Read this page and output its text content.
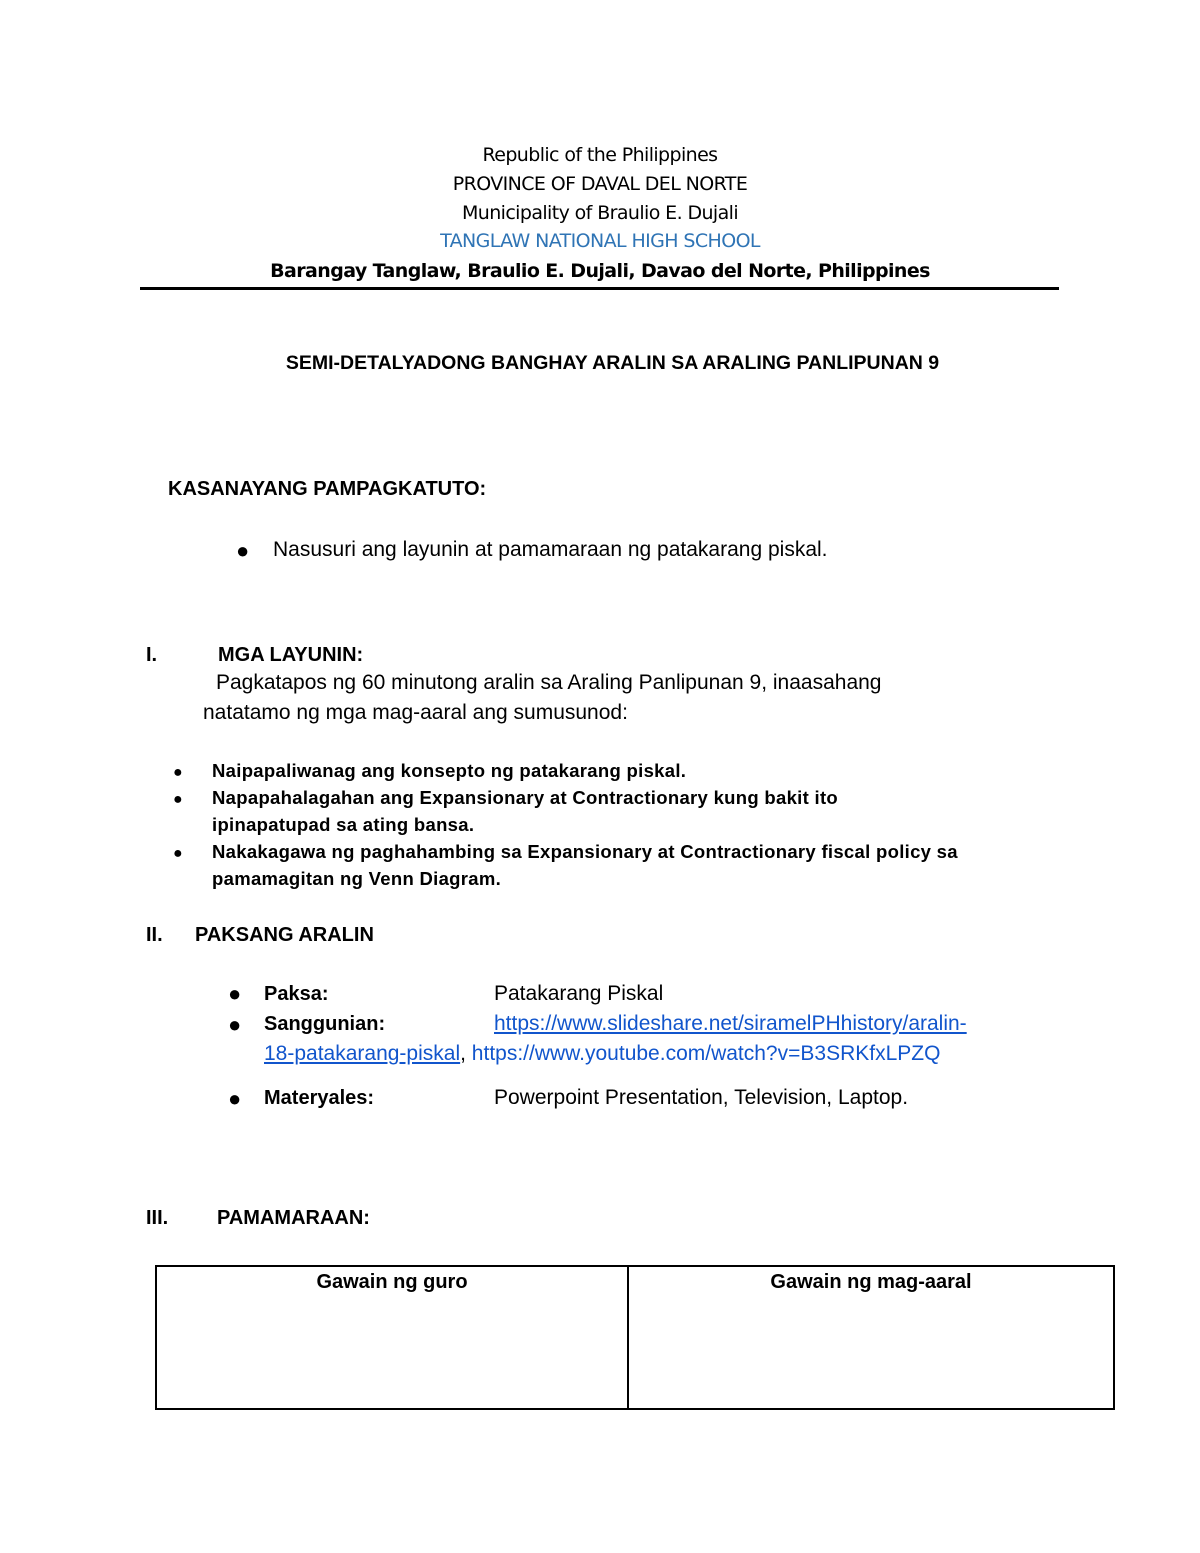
Republic of the Philippines
PROVINCE OF DAVAL DEL NORTE
Municipality of Braulio E. Dujali
TANGLAW NATIONAL HIGH SCHOOL
Barangay Tanglaw, Braulio E. Dujali, Davao del Norte, Philippines
SEMI-DETALYADONG BANGHAY ARALIN SA ARALING PANLIPUNAN 9
KASANAYANG PAMPAGKATUTO:
● Nasusuri ang layunin at pamamaraan ng patakarang piskal.
I.	MGA LAYUNIN:
Pagkatapos ng 60 minutong aralin sa Araling Panlipunan 9, inaasahang
natatamo ng mga mag-aaral ang sumusunod:
● Naipapaliwanag ang konsepto ng patakarang piskal.
● Napapahalagahan ang Expansionary at Contractionary kung bakit ito
ipinapatupad sa ating bansa.
● Nakakagawa ng paghahambing sa Expansionary at Contractionary fiscal policy sa
pamamagitan ng Venn Diagram.
II. PAKSANG ARALIN
● Paksa:	Patakarang Piskal
● Sanggunian:	https://www.slideshare.net/siramelPHhistory/aralin-
18-patakarang-piskal, https://www.youtube.com/watch?v=B3SRKfxLPZQ
● Materyales:	Powerpoint Presentation, Television, Laptop.
III. PAMAMARAAN:
Gawain ng guro	Gawain ng mag-aaral
